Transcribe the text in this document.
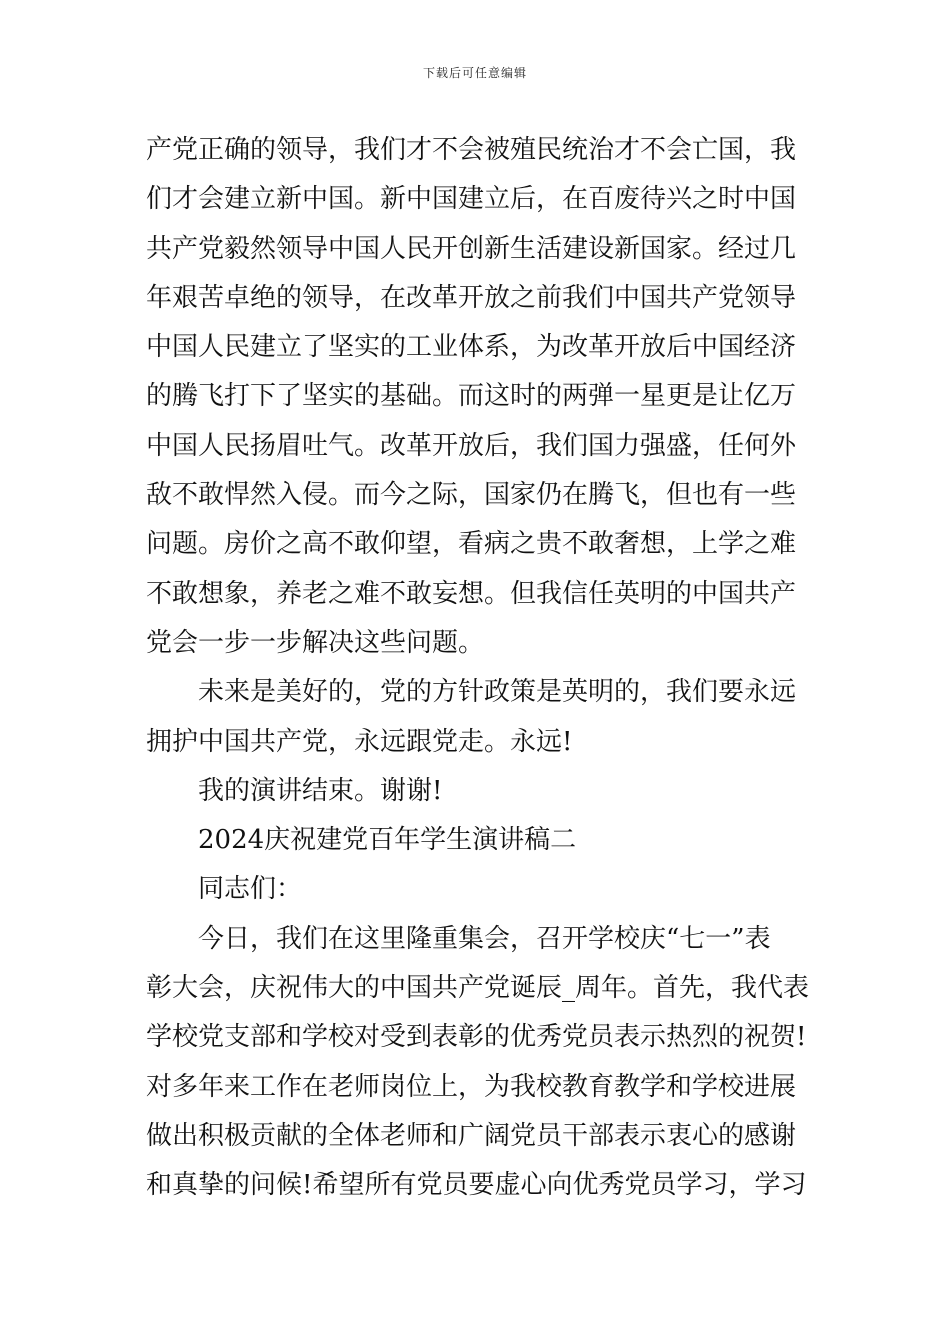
下载后可任意编辑
产党正确的领导，我们才不会被殖民统治才不会亡国，我
们才会建立新中国。新中国建立后，在百废待兴之时中国
共产党毅然领导中国人民开创新生活建设新国家。经过几
年艰苦卓绝的领导，在改革开放之前我们中国共产党领导
中国人民建立了坚实的工业体系，为改革开放后中国经济
的腾飞打下了坚实的基础。而这时的两弹一星更是让亿万
中国人民扬眉吐气。改革开放后，我们国力强盛，任何外
敌不敢悍然入侵。而今之际，国家仍在腾飞，但也有一些
问题。房价之高不敢仰望，看病之贵不敢奢想，上学之难
不敢想象，养老之难不敢妄想。但我信任英明的中国共产
党会一步一步解决这些问题。
未来是美好的，党的方针政策是英明的，我们要永远
拥护中国共产党，永远跟党走。永远!
我的演讲结束。谢谢!
2024庆祝建党百年学生演讲稿二
同志们：
今日，我们在这里隆重集会，召开学校庆“七一”表
彰大会，庆祝伟大的中国共产党诞辰_周年。首先，我代表
学校党支部和学校对受到表彰的优秀党员表示热烈的祝贺!
对多年来工作在老师岗位上，为我校教育教学和学校进展
做出积极贡献的全体老师和广阔党员干部表示衷心的感谢
和真挚的问候!希望所有党员要虚心向优秀党员学习，学习
